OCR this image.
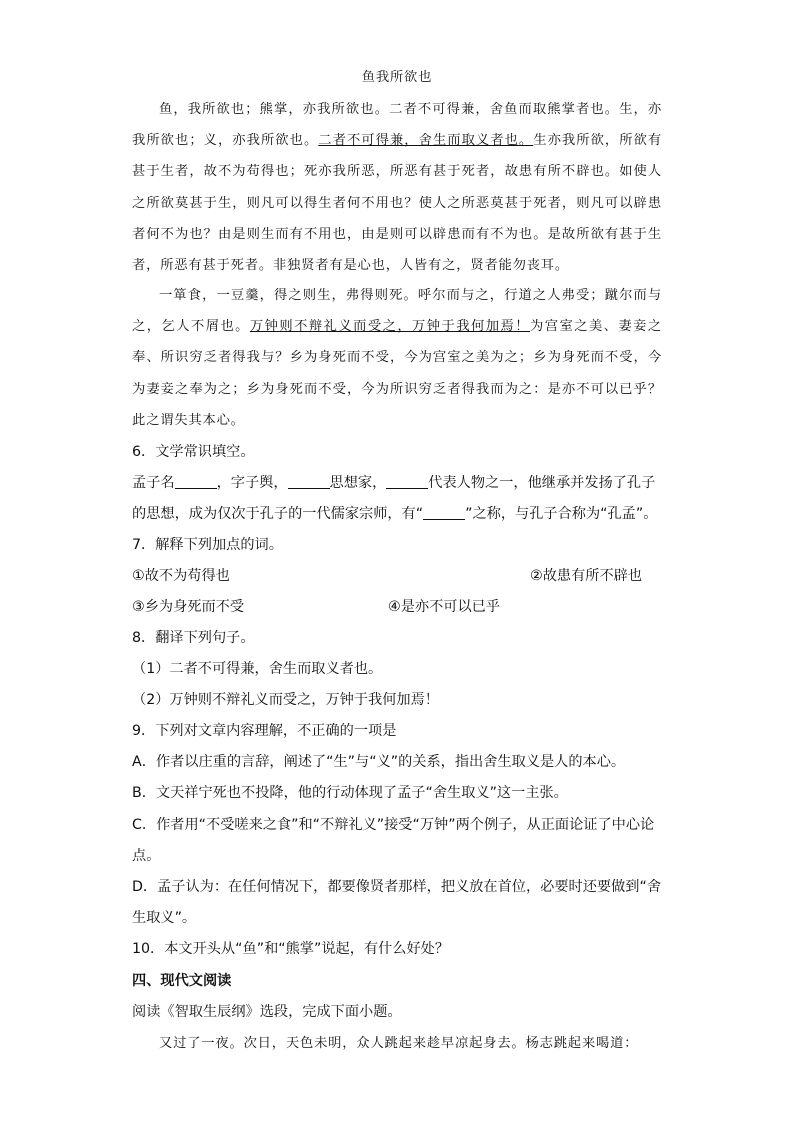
鱼我所欲也
鱼，我所欲也；熊掌，亦我所欲也。二者不可得兼，舍鱼而取熊掌者也。生，亦我所欲也；义，亦我所欲也。二者不可得兼，舍生而取义者也。生亦我所欲，所欲有甚于生者，故不为苟得也；死亦我所恶，所恶有甚于死者，故患有所不辟也。如使人之所欲莫甚于生，则凡可以得生者何不用也？使人之所恶莫甚于死者，则凡可以辟患者何不为也？由是则生而有不用也，由是则可以辟患而有不为也。是故所欲有甚于生者，所恶有甚于死者。非独贤者有是心也，人皆有之，贤者能勿丧耳。
一箪食，一豆羹，得之则生，弗得则死。呼尔而与之，行道之人弗受；蹴尔而与之，乞人不屑也。万钟则不辩礼义而受之，万钟于我何加焉！为宫室之美、妻妾之奉、所识穷乏者得我与？乡为身死而不受，今为宫室之美为之；乡为身死而不受，今为妻妾之奉为之；乡为身死而不受，今为所识穷乏者得我而为之：是亦不可以已乎？此之谓失其本心。
6．文学常识填空。
孟子名	，字子舆，	思想家，	代表人物之一，他继承并发扬了孔子
的思想，成为仅次于孔子的一代儒家宗师，有“	”之称，与孔子合称为“孔孟”。
7．解释下列加点的词。
①故不为苟得也	②故患有所不辟也
③乡为身死而不受	④是亦不可以已乎
8．翻译下列句子。
（1）二者不可得兼，舍生而取义者也。
（2）万钟则不辩礼义而受之，万钟于我何加焉！
9．下列对文章内容理解，不正确的一项是
A．作者以庄重的言辞，阐述了“生”与“义”的关系，指出舍生取义是人的本心。
B．文天祥宁死也不投降，他的行动体现了孟子“舍生取义”这一主张。
C．作者用“不受嗟来之食”和“不辩礼义”接受“万钟”两个例子，从正面论证了中心论
点。
D．孟子认为：在任何情况下，都要像贤者那样，把义放在首位，必要时还要做到“舍
生取义”。
10．本文开头从“鱼”和“熊掌”说起，有什么好处？
四、现代文阅读
阅读《智取生辰纲》选段，完成下面小题。
又过了一夜。次日，天色未明，众人跳起来趁早凉起身去。杨志跳起来喝道：
